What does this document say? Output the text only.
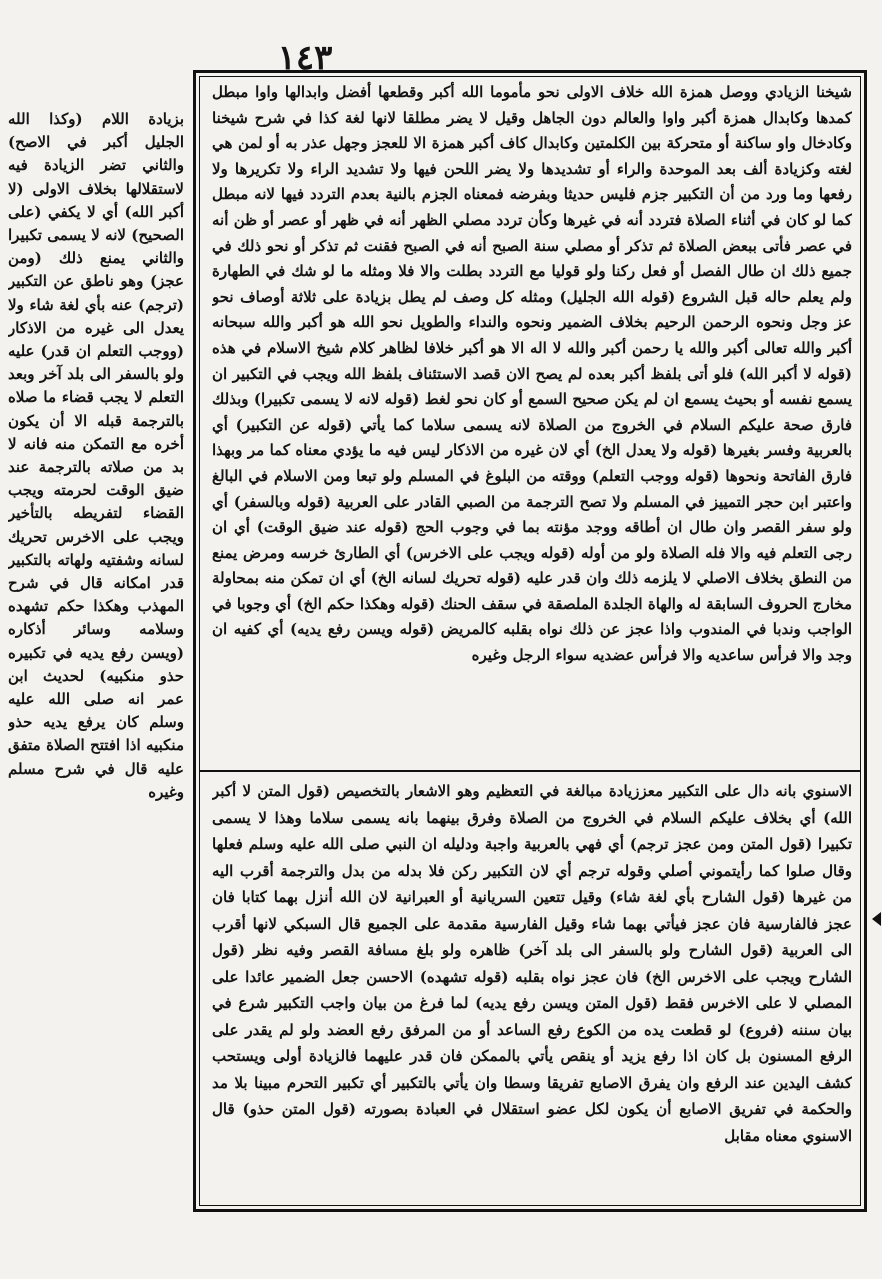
١٤٣

شيخنا الزيادي ووصل همزة الله خلاف الاولى نحو مأموما الله أكبر وقطعها أفضل وابدالها واوا مبطل كمدها وكابدال همزة أكبر واوا والعالم دون الجاهل وقيل لا يضر مطلقا لانها لغة كذا في شرح شيخنا وكادخال واو ساكنة أو متحركة بين الكلمتين وكابدال كاف أكبر همزة الا للعجز وجهل عذر به أو لمن هي لغته وكزيادة ألف بعد الموحدة والراء أو تشديدها ولا يضر اللحن فيها ولا تشديد الراء ولا تكريرها ولا رفعها وما ورد من أن التكبير جزم فليس حديثا وبفرضه فمعناه الجزم بالنية بعدم التردد فيها لانه مبطل كما لو كان في أثناء الصلاة فتردد أنه في غيرها وكأن تردد مصلي الظهر أنه في ظهر أو عصر أو ظن أنه في عصر فأتى ببعض الصلاة ثم تذكر أو مصلي سنة الصبح أنه في الصبح فقنت ثم تذكر أو نحو ذلك في جميع ذلك ان طال الفصل أو فعل ركنا ولو قوليا مع التردد بطلت والا فلا ومثله ما لو شك في الطهارة ولم يعلم حاله قبل الشروع (قوله الله الجليل) ومثله كل وصف لم يطل بزيادة على ثلاثة أوصاف نحو عز وجل ونحوه الرحمن الرحيم بخلاف الضمير ونحوه والنداء والطويل نحو الله هو أكبر والله سبحانه أكبر والله تعالى أكبر والله يا رحمن أكبر والله لا اله الا هو أكبر خلافا لظاهر كلام شيخ الاسلام في هذه (قوله لا أكبر الله) فلو أتى بلفظ أكبر بعده لم يصح الان قصد الاستئناف بلفظ الله ويجب في التكبير ان يسمع نفسه أو بحيث يسمع ان لم يكن صحيح السمع أو كان نحو لغط (قوله لانه لا يسمى تكبيرا) وبذلك فارق صحة عليكم السلام في الخروج من الصلاة لانه يسمى سلاما كما يأتي (قوله عن التكبير) أي بالعربية وفسر بغيرها (قوله ولا يعدل الخ) أي لان غيره من الاذكار ليس فيه ما يؤدي معناه كما مر وبهذا فارق الفاتحة ونحوها (قوله ووجب التعلم) ووقته من البلوغ في المسلم ولو تبعا ومن الاسلام في البالغ واعتبر ابن حجر التمييز في المسلم ولا تصح الترجمة من الصبي القادر على العربية (قوله وبالسفر) أي ولو سفر القصر وان طال ان أطاقه ووجد مؤنته بما في وجوب الحج (قوله عند ضيق الوقت) أي ان رجى التعلم فيه والا فله الصلاة ولو من أوله (قوله ويجب على الاخرس) أي الطارئ خرسه ومرض يمنع من النطق بخلاف الاصلي لا يلزمه ذلك وان قدر عليه (قوله تحريك لسانه الخ) أي ان تمكن منه بمحاولة مخارج الحروف السابقة له والهاة الجلدة الملصقة في سقف الحنك (قوله وهكذا حكم الخ) أي وجوبا في الواجب وندبا في المندوب واذا عجز عن ذلك نواه بقلبه كالمريض (قوله ويسن رفع يديه) أي كفيه ان وجد والا فرأس ساعديه والا فرأس عضديه سواء الرجل وغيره

الاسنوي بانه دال على التكبير معززيادة مبالغة في التعظيم وهو الاشعار بالتخصيص (قول المتن لا أكبر الله) أي بخلاف عليكم السلام في الخروج من الصلاة وفرق بينهما بانه يسمى سلاما وهذا لا يسمى تكبيرا (قول المتن ومن عجز ترجم) أي فهي بالعربية واجبة ودليله ان النبي صلى الله عليه وسلم فعلها وقال صلوا كما رأيتموني أصلي وقوله ترجم أي لان التكبير ركن فلا بدله من بدل والترجمة أقرب اليه من غيرها (قول الشارح بأي لغة شاء) وقيل تتعين السريانية أو العبرانية لان الله أنزل بهما كتابا فان عجز فالفارسية فان عجز فيأتي بهما شاء وقيل الفارسية مقدمة على الجميع قال السبكي لانها أقرب الى العربية (قول الشارح ولو بالسفر الى بلد آخر) ظاهره ولو بلغ مسافة القصر وفيه نظر (قول الشارح ويجب على الاخرس الخ) فان عجز نواه بقلبه (قوله تشهده) الاحسن جعل الضمير عائدا على المصلي لا على الاخرس فقط (قول المتن ويسن رفع يديه) لما فرغ من بيان واجب التكبير شرع في بيان سننه (فروع) لو قطعت يده من الكوع رفع الساعد أو من المرفق رفع العضد ولو لم يقدر على الرفع المسنون بل كان اذا رفع يزيد أو ينقص يأتي بالممكن فان قدر عليهما فالزيادة أولى ويستحب كشف اليدين عند الرفع وان يفرق الاصابع تفريقا وسطا وان يأتي بالتكبير أي تكبير التحرم مبينا بلا مد والحكمة في تفريق الاصابع أن يكون لكل عضو استقلال في العبادة بصورته (قول المتن حذو) قال الاسنوي معناه مقابل

بزيادة اللام (وكذا الله الجليل أكبر في الاصح) والثاني تضر الزيادة فيه لاستقلالها بخلاف الاولى (لا أكبر الله) أي لا يكفي (على الصحيح) لانه لا يسمى تكبيرا والثاني يمنع ذلك (ومن عجز) وهو ناطق عن التكبير (ترجم) عنه بأي لغة شاء ولا يعدل الى غيره من الاذكار (ووجب التعلم ان قدر) عليه ولو بالسفر الى بلد آخر وبعد التعلم لا يجب قضاء ما صلاه بالترجمة قبله الا أن يكون أخره مع التمكن منه فانه لا بد من صلاته بالترجمة عند ضيق الوقت لحرمته ويجب القضاء لتفريطه بالتأخير ويجب على الاخرس تحريك لسانه وشفتيه ولهاته بالتكبير قدر امكانه قال في شرح المهذب وهكذا حكم تشهده وسلامه وسائر أذكاره (ويسن رفع يديه في تكبيره حذو منكبيه) لحديث ابن عمر انه صلى الله عليه وسلم كان يرفع يديه حذو منكبيه اذا افتتح الصلاة متفق عليه قال في شرح مسلم وغيره
